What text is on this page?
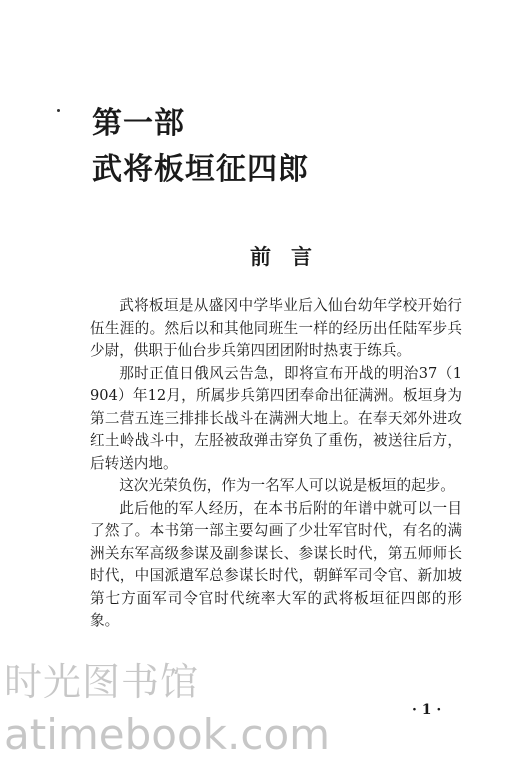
第一部
武将板垣征四郎
前言

武将板垣是从盛冈中学毕业后入仙台幼年学校开始行伍生涯的。然后以和其他同班生一样的经历出任陆军步兵少尉，供职于仙台步兵第四团团附时热衷于练兵。

那时正值日俄风云告急，即将宣布开战的明治37（1904）年12月，所属步兵第四团奉命出征满洲。板垣身为第二营五连三排排长战斗在满洲大地上。在奉天郊外进攻红土岭战斗中，左胫被敌弹击穿负了重伤，被送往后方，后转送内地。

这次光荣负伤，作为一名军人可以说是板垣的起步。

此后他的军人经历，在本书后附的年谱中就可以一目了然了。本书第一部主要勾画了少壮军官时代，有名的满洲关东军高级参谋及副参谋长、参谋长时代，第五师师长时代，中国派遣军总参谋长时代，朝鲜军司令官、新加坡第七方面军司令官时代统率大军的武将板垣征四郎的形象。

· 1 ·
时光图书馆
atimebook.com
